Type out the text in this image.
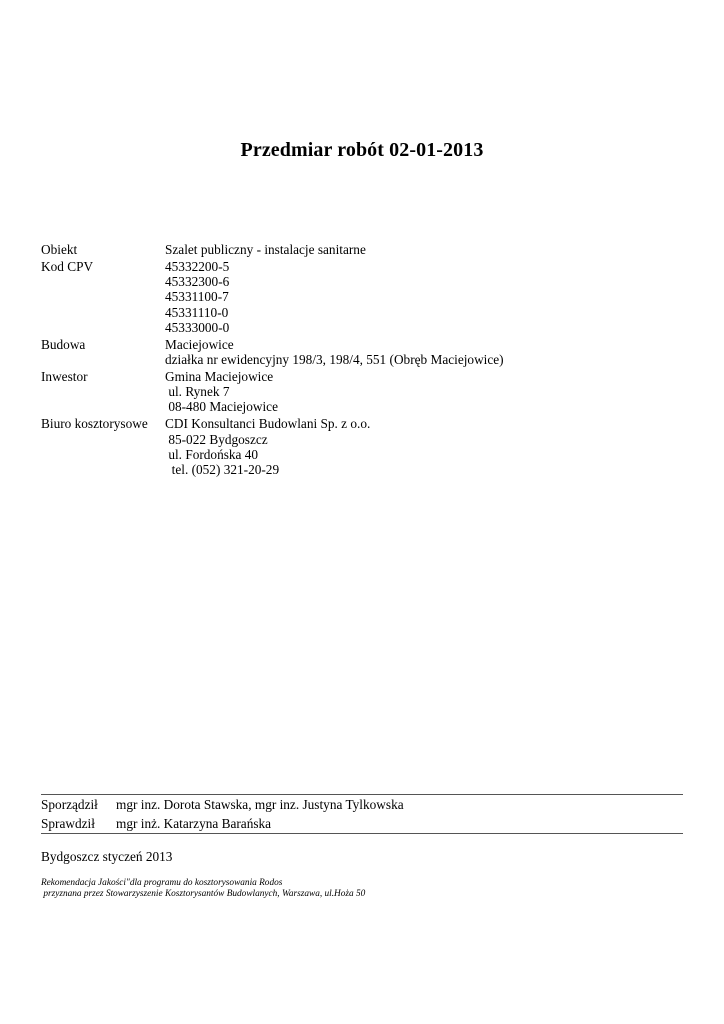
Przedmiar robót 02-01-2013
Obiekt	Szalet publiczny - instalacje sanitarne
Kod CPV	45332200-5
45332300-6
45331100-7
45331110-0
45333000-0
Budowa	Maciejowice
działka nr ewidencyjny 198/3, 198/4, 551 (Obręb Maciejowice)
Inwestor	Gmina Maciejowice
ul. Rynek 7
08-480 Maciejowice
Biuro kosztorysowe	CDI Konsultanci Budowlani Sp. z o.o.
85-022 Bydgoszcz
ul. Fordońska 40
tel. (052) 321-20-29
Sporządził	mgr inz. Dorota Stawska, mgr inz. Justyna Tylkowska
Sprawdził	mgr inż. Katarzyna Barańska
Bydgoszcz styczeń 2013
Rekomendacja Jakości"dla programu do kosztorysowania Rodos
przyznana przez Stowarzyszenie Kosztorysantów Budowlanych, Warszawa, ul.Hoża 50
